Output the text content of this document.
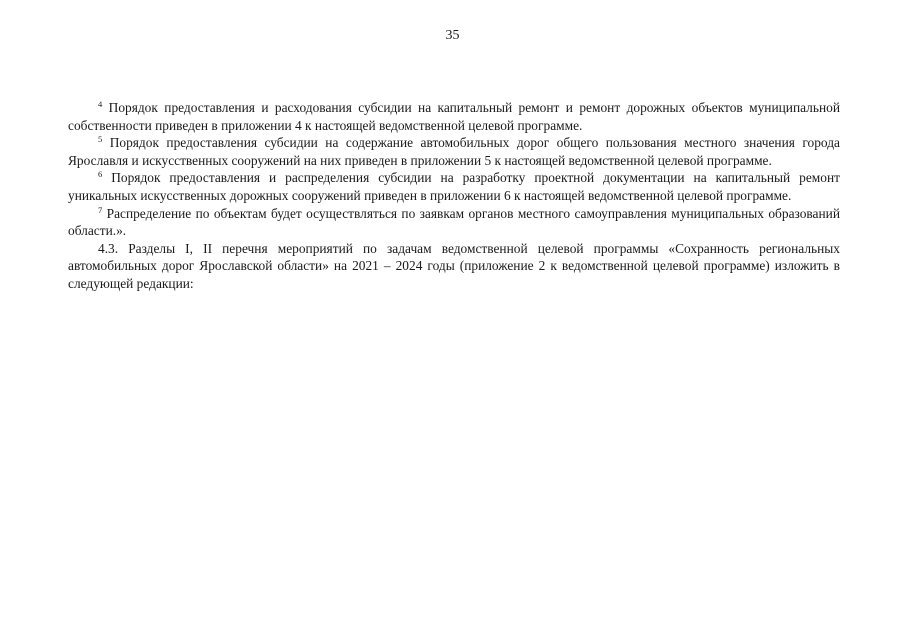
35

$^4$ Порядок предоставления и расходования субсидии на капитальный ремонт и ремонт дорожных объектов муниципальной собственности приведен в приложении 4 к настоящей ведомственной целевой программе.

$^5$ Порядок предоставления субсидии на содержание автомобильных дорог общего пользования местного значения города Ярославля и искусственных сооружений на них приведен в приложении 5 к настоящей ведомственной целевой программе.

$^6$ Порядок предоставления и распределения субсидии на разработку проектной документации на капитальный ремонт уникальных искусственных дорожных сооружений приведен в приложении 6 к настоящей ведомственной целевой программе.

$^7$ Распределение по объектам будет осуществляться по заявкам органов местного самоуправления муниципальных образований области.».

4.3. Разделы I, II перечня мероприятий по задачам ведомственной целевой программы «Сохранность региональных автомобильных дорог Ярославской области» на 2021 – 2024 годы (приложение 2 к ведомственной целевой программе) изложить в следующей редакции:
